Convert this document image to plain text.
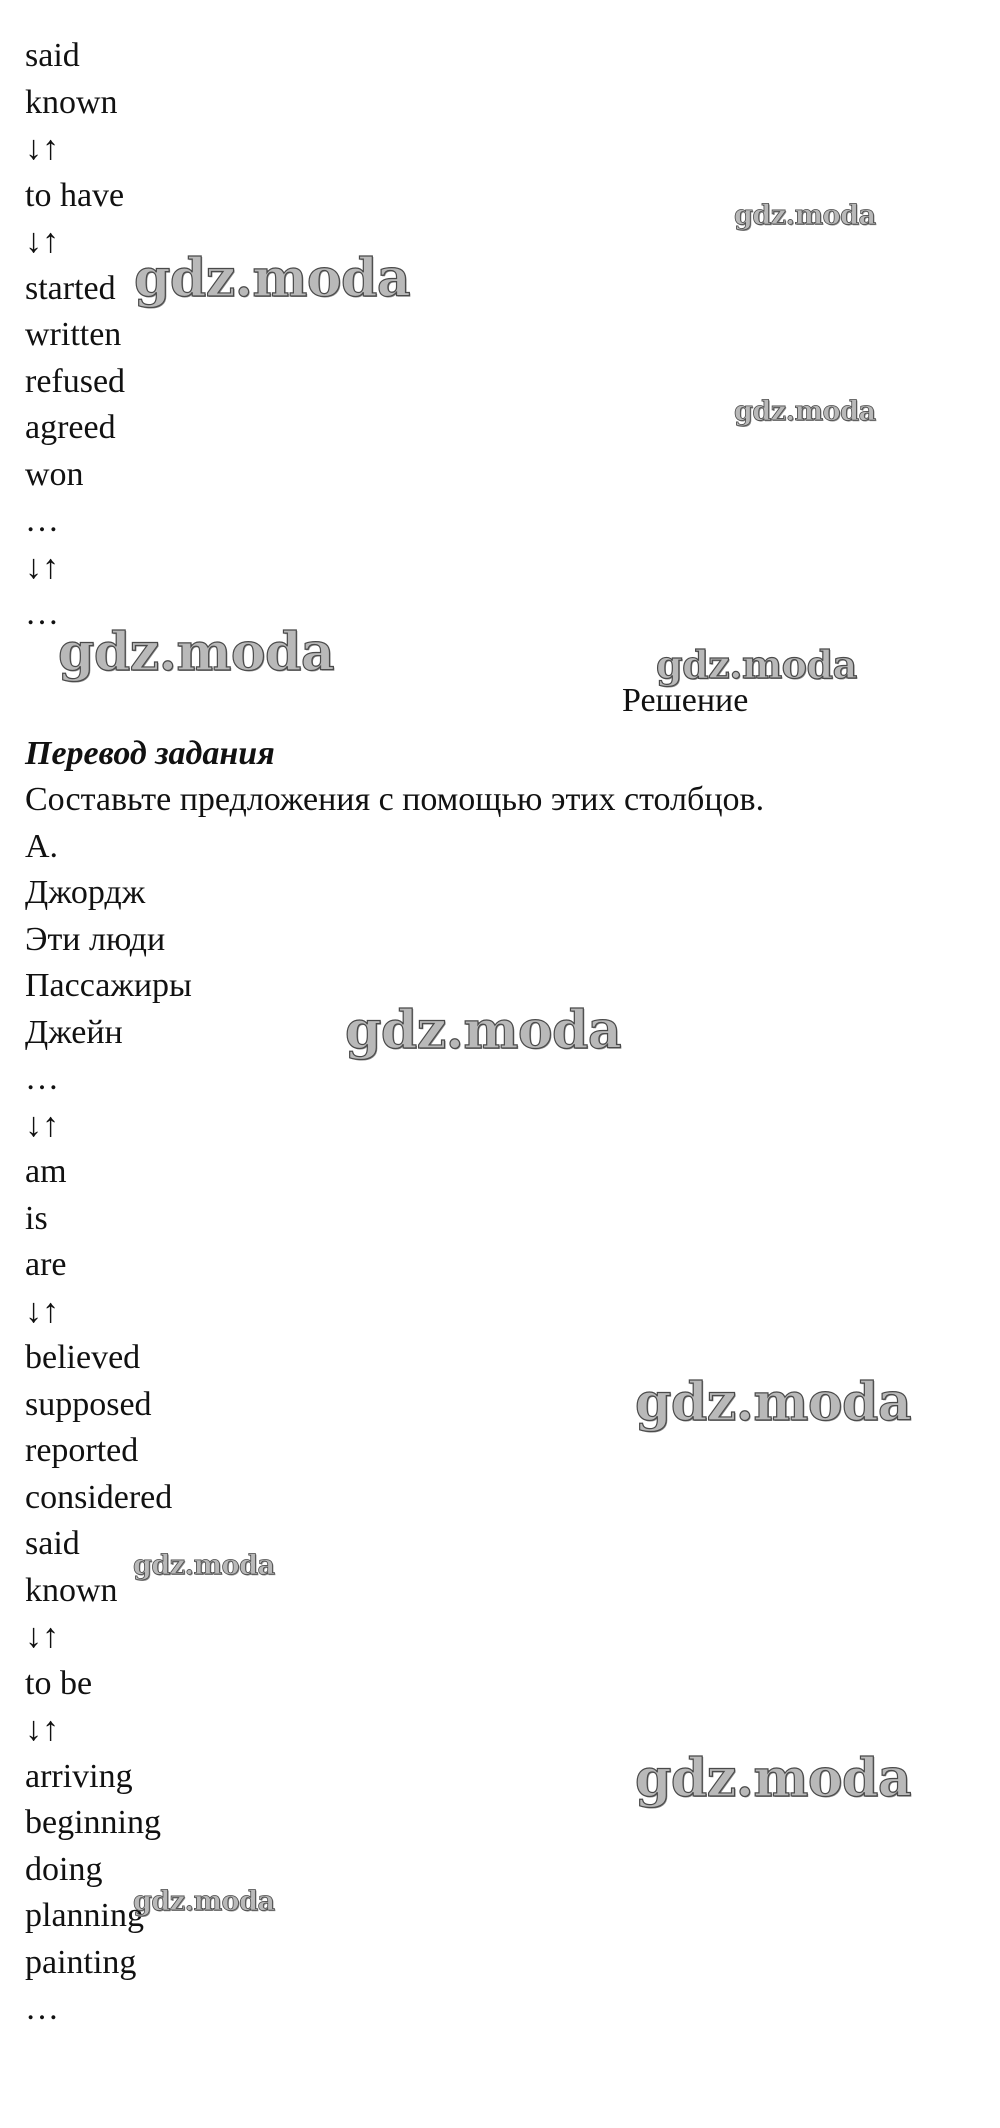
said
known
↓↑
to have
↓↑
started
written
refused
agreed
won
…
↓↑
…
Перевод задания
Составьте предложения с помощью этих столбцов.
A.
Джордж
Эти люди
Пассажиры
Джейн
…
↓↑
am
is
are
↓↑
believed
supposed
reported
considered
said
known
↓↑
to be
↓↑
arriving
beginning
doing
planning
painting
…
Решение
gdz.moda
gdz.moda
gdz.moda
gdz.moda	gdz.moda
gdz.moda
gdz.moda
gdz.moda
gdz.moda
gdz.moda
